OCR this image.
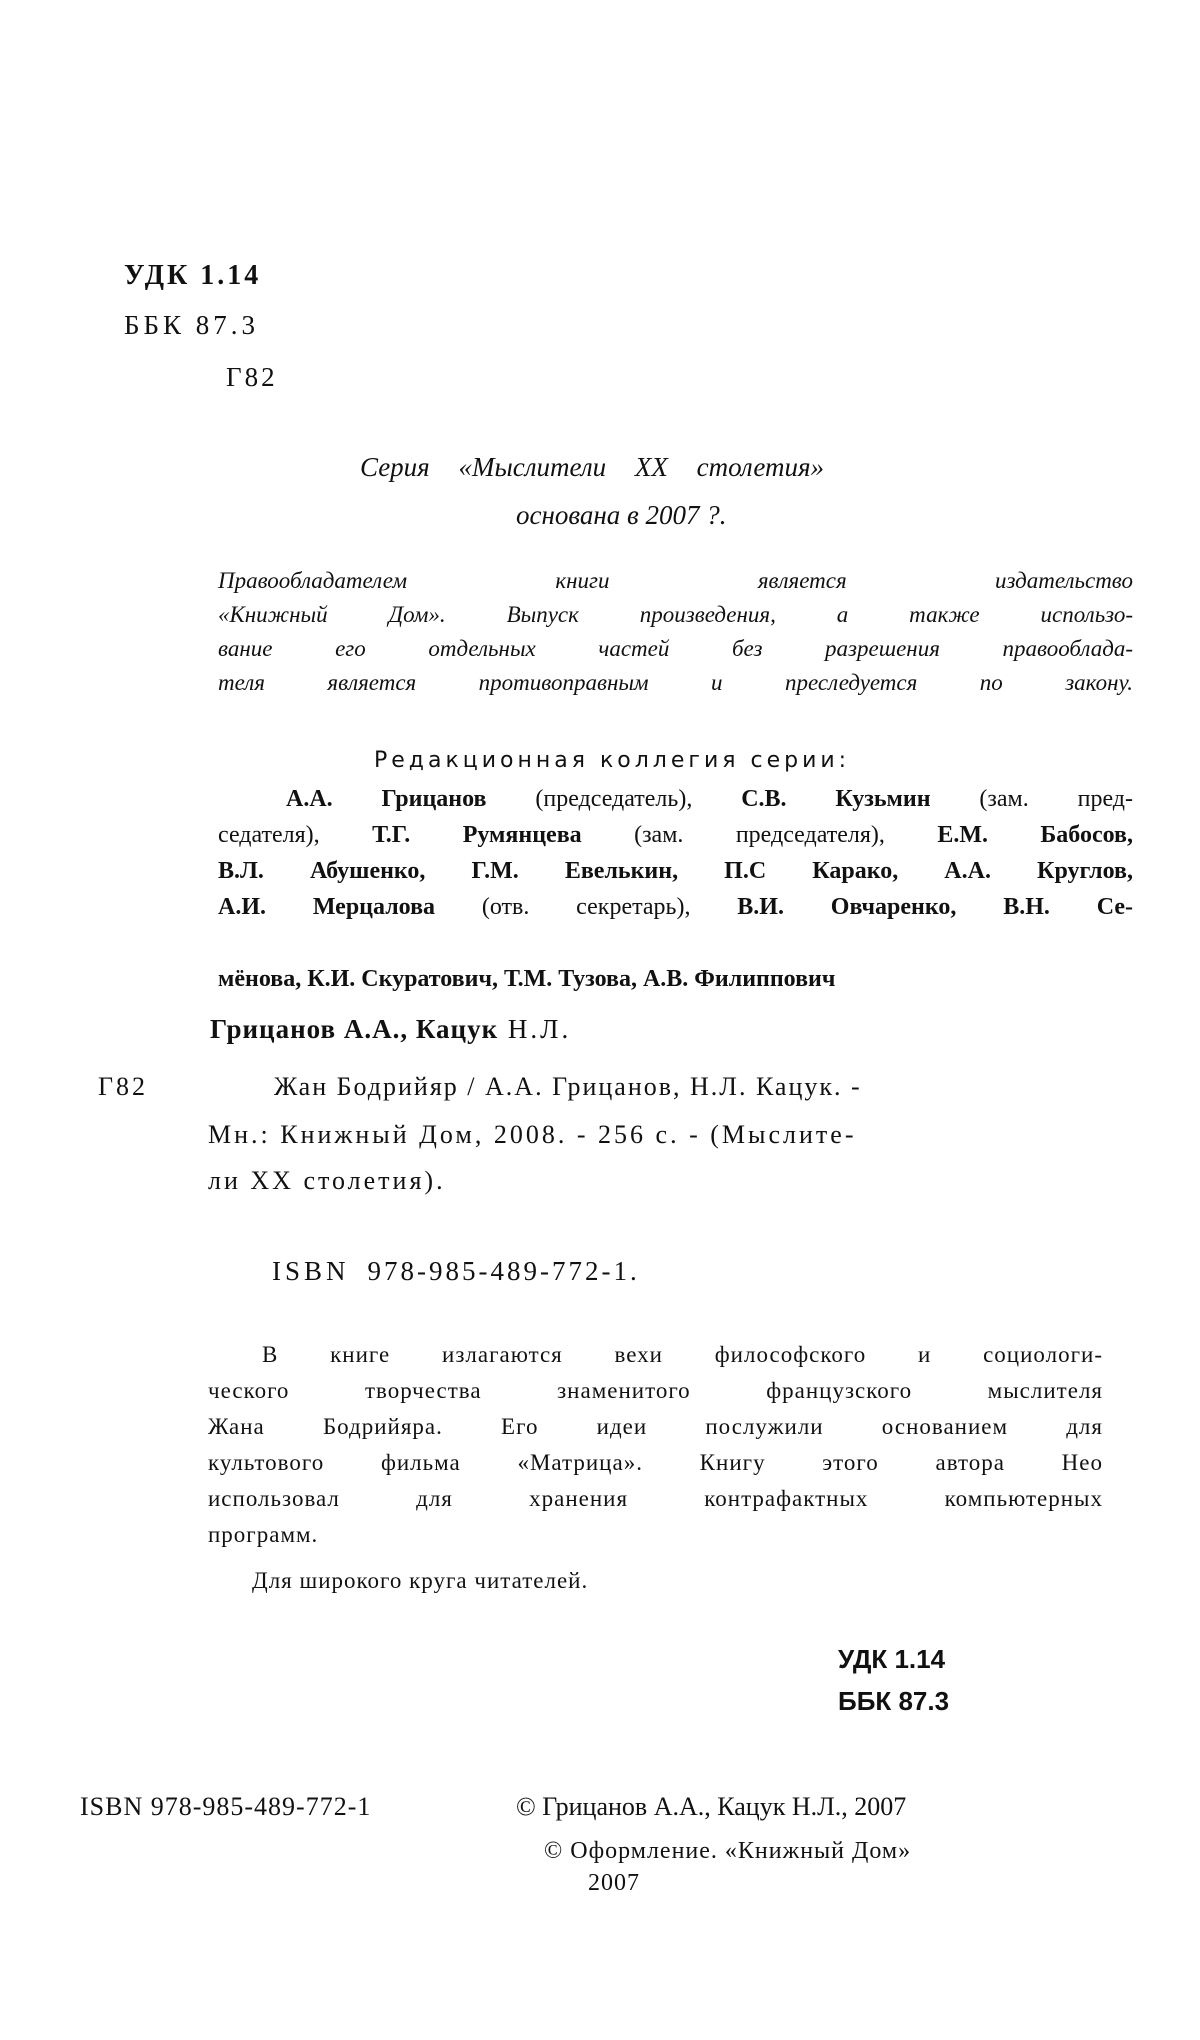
УДК 1.14
ББК 87.3
Г82
Серия «Мыслители XX столетия»
основана в 2007 ?.
Правообладателем книги является издательство
«Книжный Дом». Выпуск произведения, а также использо-
вание его отдельных частей без разрешения правооблада-
теля является противоправным и преследуется по закону.
Редакционная коллегия серии:
А.А. Грицанов (председатель), С.В. Кузьмин (зам. пред-
седателя), Т.Г. Румянцева (зам. председателя), Е.М. Бабосов,
В.Л. Абушенко, Г.М. Евелькин, П.С Карако, А.А. Круглов,
А.И. Мерцалова (отв. секретарь), В.И. Овчаренко, В.Н. Се-
мёнова, К.И. Скуратович, Т.М. Тузова, А.В. Филиппович
Грицанов А.А., Кацук Н.Л.
Г82	Жан Бодрийяр / А.А. Грицанов, Н.Л. Кацук. -
Мн.: Книжный Дом, 2008. - 256 с. - (Мыслите-
ли XX столетия).
ISBN 978-985-489-772-1.
В книге излагаются вехи философского и социологи-
ческого творчества знаменитого французского мыслителя
Жана Бодрийяра. Его идеи послужили основанием для
культового фильма «Матрица». Книгу этого автора Нео
использовал для хранения контрафактных компьютерных
программ.
Для широкого круга читателей.
УДК 1.14
ББК 87.3
ISBN 978-985-489-772-1	© Грицанов А.А., Кацук Н.Л., 2007
© Оформление. «Книжный Дом»
2007
